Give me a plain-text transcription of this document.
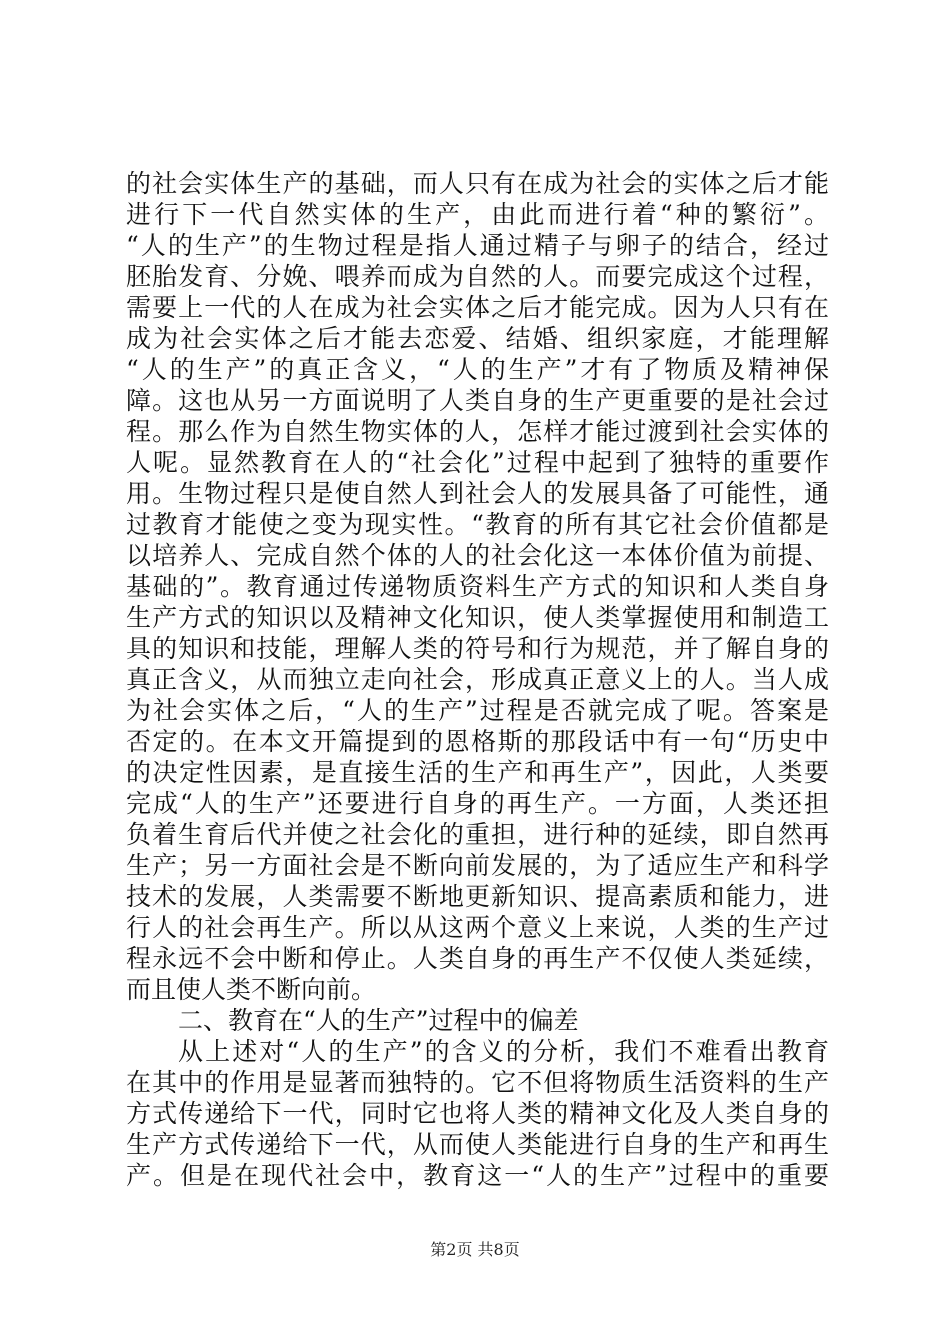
的社会实体生产的基础，而人只有在成为社会的实体之后才能
进行下一代自然实体的生产，由此而进行着“种的繁衍”。
“人的生产”的生物过程是指人通过精子与卵子的结合，经过
胚胎发育、分娩、喂养而成为自然的人。而要完成这个过程，
需要上一代的人在成为社会实体之后才能完成。因为人只有在
成为社会实体之后才能去恋爱、结婚、组织家庭，才能理解
“人的生产”的真正含义，“人的生产”才有了物质及精神保
障。这也从另一方面说明了人类自身的生产更重要的是社会过
程。那么作为自然生物实体的人，怎样才能过渡到社会实体的
人呢。显然教育在人的“社会化”过程中起到了独特的重要作
用。生物过程只是使自然人到社会人的发展具备了可能性，通
过教育才能使之变为现实性。“教育的所有其它社会价值都是
以培养人、完成自然个体的人的社会化这一本体价值为前提、
基础的”。教育通过传递物质资料生产方式的知识和人类自身
生产方式的知识以及精神文化知识，使人类掌握使用和制造工
具的知识和技能，理解人类的符号和行为规范，并了解自身的
真正含义，从而独立走向社会，形成真正意义上的人。当人成
为社会实体之后，“人的生产”过程是否就完成了呢。答案是
否定的。在本文开篇提到的恩格斯的那段话中有一句“历史中
的决定性因素，是直接生活的生产和再生产”，因此，人类要
完成“人的生产”还要进行自身的再生产。一方面，人类还担
负着生育后代并使之社会化的重担，进行种的延续，即自然再
生产；另一方面社会是不断向前发展的，为了适应生产和科学
技术的发展，人类需要不断地更新知识、提高素质和能力，进
行人的社会再生产。所以从这两个意义上来说，人类的生产过
程永远不会中断和停止。人类自身的再生产不仅使人类延续，
而且使人类不断向前。
二、教育在“人的生产”过程中的偏差
从上述对“人的生产”的含义的分析，我们不难看出教育
在其中的作用是显著而独特的。它不但将物质生活资料的生产
方式传递给下一代，同时它也将人类的精神文化及人类自身的
生产方式传递给下一代，从而使人类能进行自身的生产和再生
产。但是在现代社会中，教育这一“人的生产”过程中的重要
第2页 共8页
